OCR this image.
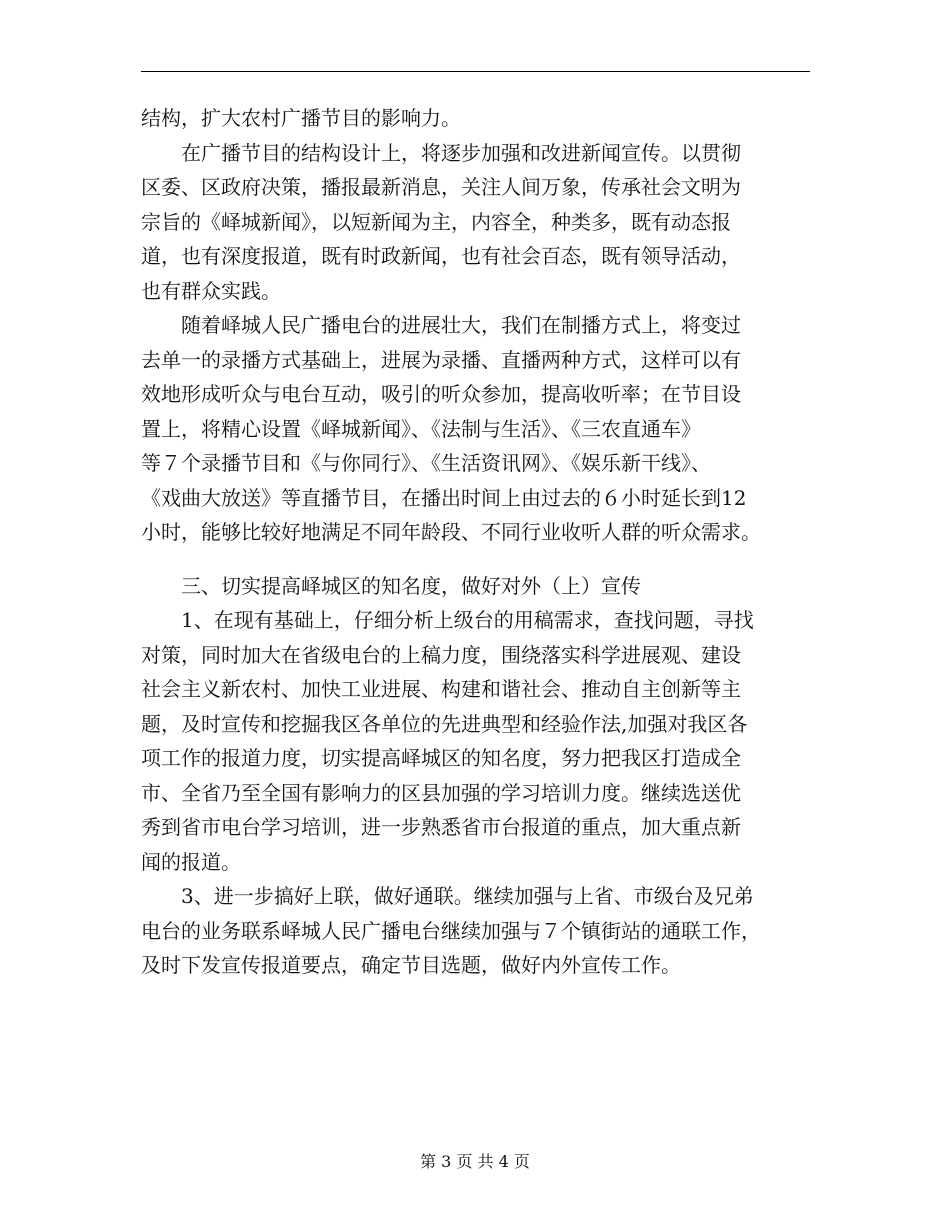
结构，扩大农村广播节目的影响力。
　　在广播节目的结构设计上，将逐步加强和改进新闻宣传。以贯彻
区委、区政府决策，播报最新消息，关注人间万象，传承社会文明为
宗旨的《峄城新闻》，以短新闻为主，内容全，种类多，既有动态报
道，也有深度报道，既有时政新闻，也有社会百态，既有领导活动，
也有群众实践。
　　随着峄城人民广播电台的进展壮大，我们在制播方式上，将变过
去单一的录播方式基础上，进展为录播、直播两种方式，这样可以有
效地形成听众与电台互动，吸引的听众参加，提高收听率；在节目设
置上，将精心设置《峄城新闻》、《法制与生活》、《三农直通车》
等７个录播节目和《与你同行》、《生活资讯网》、《娱乐新干线》、
《戏曲大放送》等直播节目，在播出时间上由过去的６小时延长到12
小时，能够比较好地满足不同年龄段、不同行业收听人群的听众需求。
　　三、切实提高峄城区的知名度，做好对外（上）宣传
　　1、在现有基础上，仔细分析上级台的用稿需求，查找问题，寻找
对策，同时加大在省级电台的上稿力度，围绕落实科学进展观、建设
社会主义新农村、加快工业进展、构建和谐社会、推动自主创新等主
题，及时宣传和挖掘我区各单位的先进典型和经验作法,加强对我区各
项工作的报道力度，切实提高峄城区的知名度，努力把我区打造成全
市、全省乃至全国有影响力的区县加强的学习培训力度。继续选送优
秀到省市电台学习培训，进一步熟悉省市台报道的重点，加大重点新
闻的报道。
　　3、进一步搞好上联，做好通联。继续加强与上省、市级台及兄弟
电台的业务联系峄城人民广播电台继续加强与７个镇街站的通联工作，
及时下发宣传报道要点，确定节目选题，做好内外宣传工作。
第 3 页 共 4 页
